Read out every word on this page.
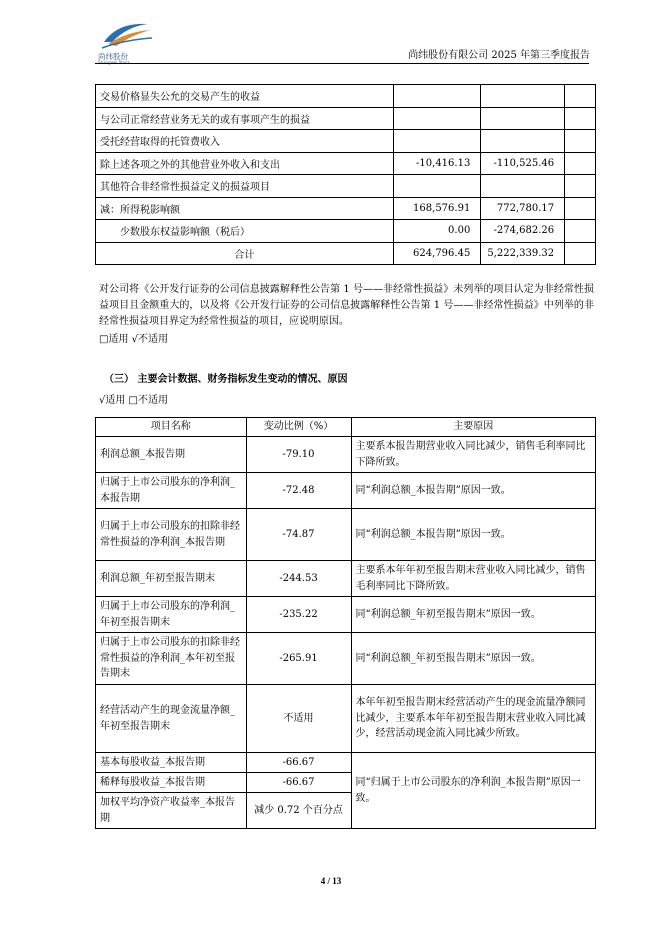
尚纬股份	尚纬股份有限公司 2025 年第三季度报告
交易价格显失公允的交易产生的收益			
与公司正常经营业务无关的或有事项产生的损益			
受托经营取得的托管费收入			
除上述各项之外的其他营业外收入和支出	-10,416.13	-110,525.46	
其他符合非经常性损益定义的损益项目			
减：所得税影响额	168,576.91	772,780.17	
少数股东权益影响额（税后）	0.00	-274,682.26	
合计	624,796.45	5,222,339.32	
对公司将《公开发行证券的公司信息披露解释性公告第 1 号——非经常性损益》未列举的项目认定为非经常性损益项目且金额重大的，以及将《公开发行证券的公司信息披露解释性公告第 1 号——非经常性损益》中列举的非经常性损益项目界定为经常性损益的项目，应说明原因。
□适用 √不适用
（三） 主要会计数据、财务指标发生变动的情况、原因
√适用 □不适用
项目名称	变动比例（%）	主要原因
利润总额_本报告期	-79.10	主要系本报告期营业收入同比减少，销售毛利率同比下降所致。
归属于上市公司股东的净利润_本报告期	-72.48	同“利润总额_本报告期”原因一致。
归属于上市公司股东的扣除非经常性损益的净利润_本报告期	-74.87	同“利润总额_本报告期”原因一致。
利润总额_年初至报告期末	-244.53	主要系本年年初至报告期末营业收入同比减少，销售毛利率同比下降所致。
归属于上市公司股东的净利润_年初至报告期末	-235.22	同“利润总额_年初至报告期末”原因一致。
归属于上市公司股东的扣除非经常性损益的净利润_本年初至报告期末	-265.91	同“利润总额_年初至报告期末”原因一致。
经营活动产生的现金流量净额_年初至报告期末	不适用	本年年初至报告期末经营活动产生的现金流量净额同比减少，主要系本年年初至报告期末营业收入同比减少，经营活动现金流入同比减少所致。
基本每股收益_本报告期	-66.67	同“归属于上市公司股东的净利润_本报告期”原因一致。
稀释每股收益_本报告期	-66.67	
加权平均净资产收益率_本报告期	减少 0.72 个百分点	
4 / 13
